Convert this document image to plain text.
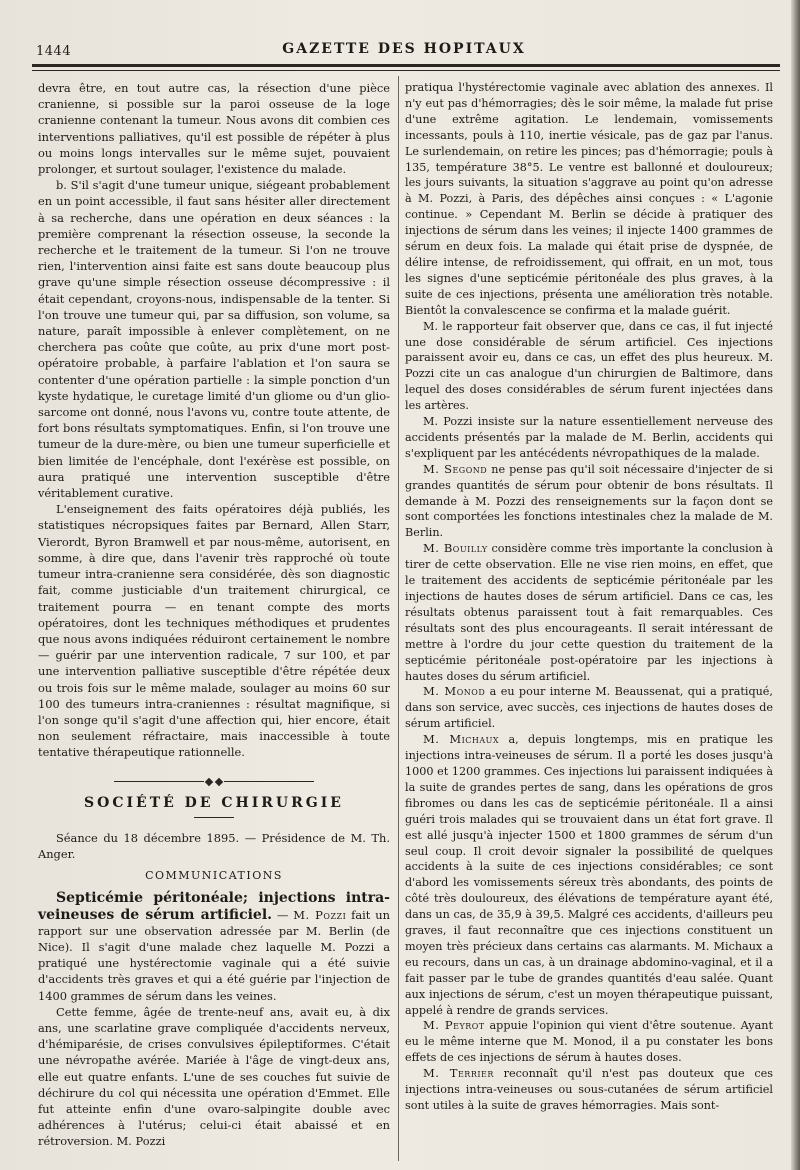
1444	GAZETTE DES HOPITAUX

devra être, en tout autre cas, la résection d'une pièce cranienne, si possible sur la paroi osseuse de la loge cranienne contenant la tumeur. Nous avons dit combien ces interventions palliatives, qu'il est possible de répéter à plus ou moins longs intervalles sur le même sujet, pouvaient prolonger, et surtout soulager, l'existence du malade.

b. S'il s'agit d'une tumeur unique, siégeant probablement en un point accessible, il faut sans hésiter aller directement à sa recherche, dans une opération en deux séances : la première comprenant la résection osseuse, la seconde la recherche et le traitement de la tumeur. Si l'on ne trouve rien, l'intervention ainsi faite est sans doute beaucoup plus grave qu'une simple résection osseuse décompressive : il était cependant, croyons-nous, indispensable de la tenter. Si l'on trouve une tumeur qui, par sa diffusion, son volume, sa nature, paraît impossible à enlever complètement, on ne cherchera pas coûte que coûte, au prix d'une mort post-opératoire probable, à parfaire l'ablation et l'on saura se contenter d'une opération partielle : la simple ponction d'un kyste hydatique, le curetage limité d'un gliome ou d'un glio-sarcome ont donné, nous l'avons vu, contre toute attente, de fort bons résultats symptomatiques. Enfin, si l'on trouve une tumeur de la dure-mère, ou bien une tumeur superficielle et bien limitée de l'encéphale, dont l'exérèse est possible, on aura pratiqué une intervention susceptible d'être véritablement curative.

L'enseignement des faits opératoires déjà publiés, les statistiques nécropsiques faites par Bernard, Allen Starr, Vierordt, Byron Bramwell et par nous-même, autorisent, en somme, à dire que, dans l'avenir très rapproché où toute tumeur intra-cranienne sera considérée, dès son diagnostic fait, comme justiciable d'un traitement chirurgical, ce traitement pourra — en tenant compte des morts opératoires, dont les techniques méthodiques et prudentes que nous avons indiquées réduiront certainement le nombre — guérir par une intervention radicale, 7 sur 100, et par une intervention palliative susceptible d'être répétée deux ou trois fois sur le même malade, soulager au moins 60 sur 100 des tumeurs intra-craniennes : résultat magnifique, si l'on songe qu'il s'agit d'une affection qui, hier encore, était non seulement réfractaire, mais inaccessible à toute tentative thérapeutique rationnelle.

SOCIÉTÉ DE CHIRURGIE

Séance du 18 décembre 1895. — Présidence de M. Th. Anger.

COMMUNICATIONS

Septicémie péritonéale; injections intra-veineuses de sérum artificiel. — M. Pozzi fait un rapport sur une observation adressée par M. Berlin (de Nice). Il s'agit d'une malade chez laquelle M. Pozzi a pratiqué une hystérectomie vaginale qui a été suivie d'accidents très graves et qui a été guérie par l'injection de 1400 grammes de sérum dans les veines.

Cette femme, âgée de trente-neuf ans, avait eu, à dix ans, une scarlatine grave compliquée d'accidents nerveux, d'hémiparésie, de crises convulsives épileptiformes. C'était une névropathe avérée. Mariée à l'âge de vingt-deux ans, elle eut quatre enfants. L'une de ses couches fut suivie de déchirure du col qui nécessita une opération d'Emmet. Elle fut atteinte enfin d'une ovaro-salpingite double avec adhérences à l'utérus; celui-ci était abaissé et en rétroversion. M. Pozzi

pratiqua l'hystérectomie vaginale avec ablation des annexes. Il n'y eut pas d'hémorragies; dès le soir même, la malade fut prise d'une extrême agitation. Le lendemain, vomissements incessants, pouls à 110, inertie vésicale, pas de gaz par l'anus. Le surlendemain, on retire les pinces; pas d'hémorragie; pouls à 135, température 38°5. Le ventre est ballonné et douloureux; les jours suivants, la situation s'aggrave au point qu'on adresse à M. Pozzi, à Paris, des dépêches ainsi conçues : « L'agonie continue. » Cependant M. Berlin se décide à pratiquer des injections de sérum dans les veines; il injecte 1400 grammes de sérum en deux fois. La malade qui était prise de dyspnée, de délire intense, de refroidissement, qui offrait, en un mot, tous les signes d'une septicémie péritonéale des plus graves, à la suite de ces injections, présenta une amélioration très notable. Bientôt la convalescence se confirma et la malade guérit.

M. le rapporteur fait observer que, dans ce cas, il fut injecté une dose considérable de sérum artificiel. Ces injections paraissent avoir eu, dans ce cas, un effet des plus heureux. M. Pozzi cite un cas analogue d'un chirurgien de Baltimore, dans lequel des doses considérables de sérum furent injectées dans les artères.

M. Pozzi insiste sur la nature essentiellement nerveuse des accidents présentés par la malade de M. Berlin, accidents qui s'expliquent par les antécédents névropathiques de la malade.

M. Segond ne pense pas qu'il soit nécessaire d'injecter de si grandes quantités de sérum pour obtenir de bons résultats. Il demande à M. Pozzi des renseignements sur la façon dont se sont comportées les fonctions intestinales chez la malade de M. Berlin.

M. Bouilly considère comme très importante la conclusion à tirer de cette observation. Elle ne vise rien moins, en effet, que le traitement des accidents de septicémie péritonéale par les injections de hautes doses de sérum artificiel. Dans ce cas, les résultats obtenus paraissent tout à fait remarquables. Ces résultats sont des plus encourageants. Il serait intéressant de mettre à l'ordre du jour cette question du traitement de la septicémie péritonéale post-opératoire par les injections à hautes doses du sérum artificiel.

M. Monod a eu pour interne M. Beaussenat, qui a pratiqué, dans son service, avec succès, ces injections de hautes doses de sérum artificiel.

M. Michaux a, depuis longtemps, mis en pratique les injections intra-veineuses de sérum. Il a porté les doses jusqu'à 1000 et 1200 grammes. Ces injections lui paraissent indiquées à la suite de grandes pertes de sang, dans les opérations de gros fibromes ou dans les cas de septicémie péritonéale. Il a ainsi guéri trois malades qui se trouvaient dans un état fort grave. Il est allé jusqu'à injecter 1500 et 1800 grammes de sérum d'un seul coup. Il croit devoir signaler la possibilité de quelques accidents à la suite de ces injections considérables; ce sont d'abord les vomissements séreux très abondants, des points de côté très douloureux, des élévations de température ayant été, dans un cas, de 35,9 à 39,5. Malgré ces accidents, d'ailleurs peu graves, il faut reconnaître que ces injections constituent un moyen très précieux dans certains cas alarmants. M. Michaux a eu recours, dans un cas, à un drainage abdomino-vaginal, et il a fait passer par le tube de grandes quantités d'eau salée. Quant aux injections de sérum, c'est un moyen thérapeutique puissant, appelé à rendre de grands services.

M. Peyrot appuie l'opinion qui vient d'être soutenue. Ayant eu le même interne que M. Monod, il a pu constater les bons effets de ces injections de sérum à hautes doses.

M. Terrier reconnaît qu'il n'est pas douteux que ces injections intra-veineuses ou sous-cutanées de sérum artificiel sont utiles à la suite de graves hémorragies. Mais sont-
